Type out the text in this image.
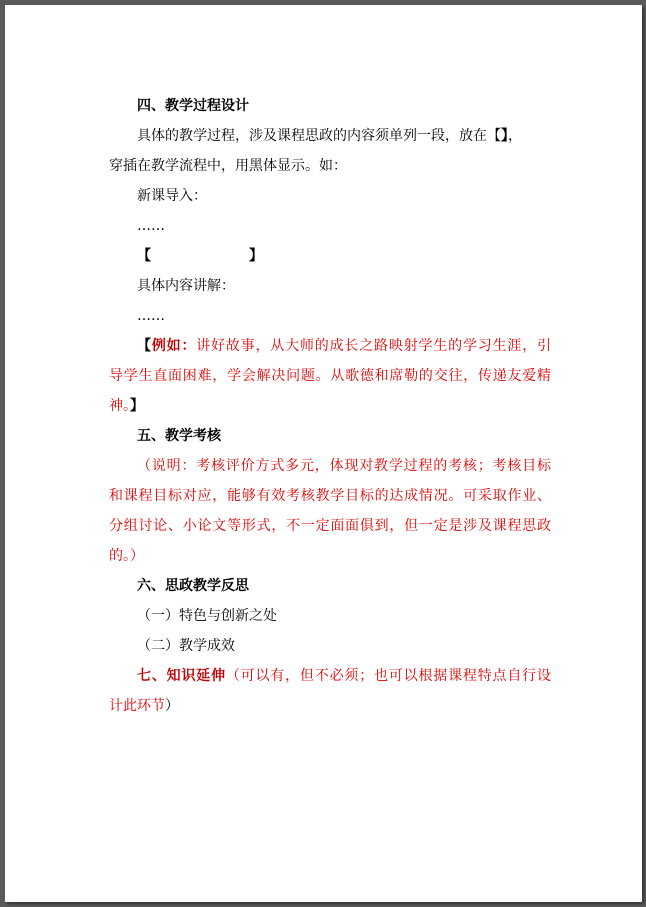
四、教学过程设计
具体的教学过程，涉及课程思政的内容须单列一段，放在【】，
穿插在教学流程中，用黑体显示。如：
新课导入：
……
【	】
具体内容讲解：
……
【例如：讲好故事，从大师的成长之路映射学生的学习生涯，引
导学生直面困难，学会解决问题。从歌德和席勒的交往，传递友爱精
神。】
五、教学考核
（说明：考核评价方式多元，体现对教学过程的考核；考核目标
和课程目标对应，能够有效考核教学目标的达成情况。可采取作业、
分组讨论、小论文等形式，不一定面面俱到，但一定是涉及课程思政
的。）
六、思政教学反思
（一）特色与创新之处
（二）教学成效
七、知识延伸（可以有，但不必须；也可以根据课程特点自行设
计此环节）
